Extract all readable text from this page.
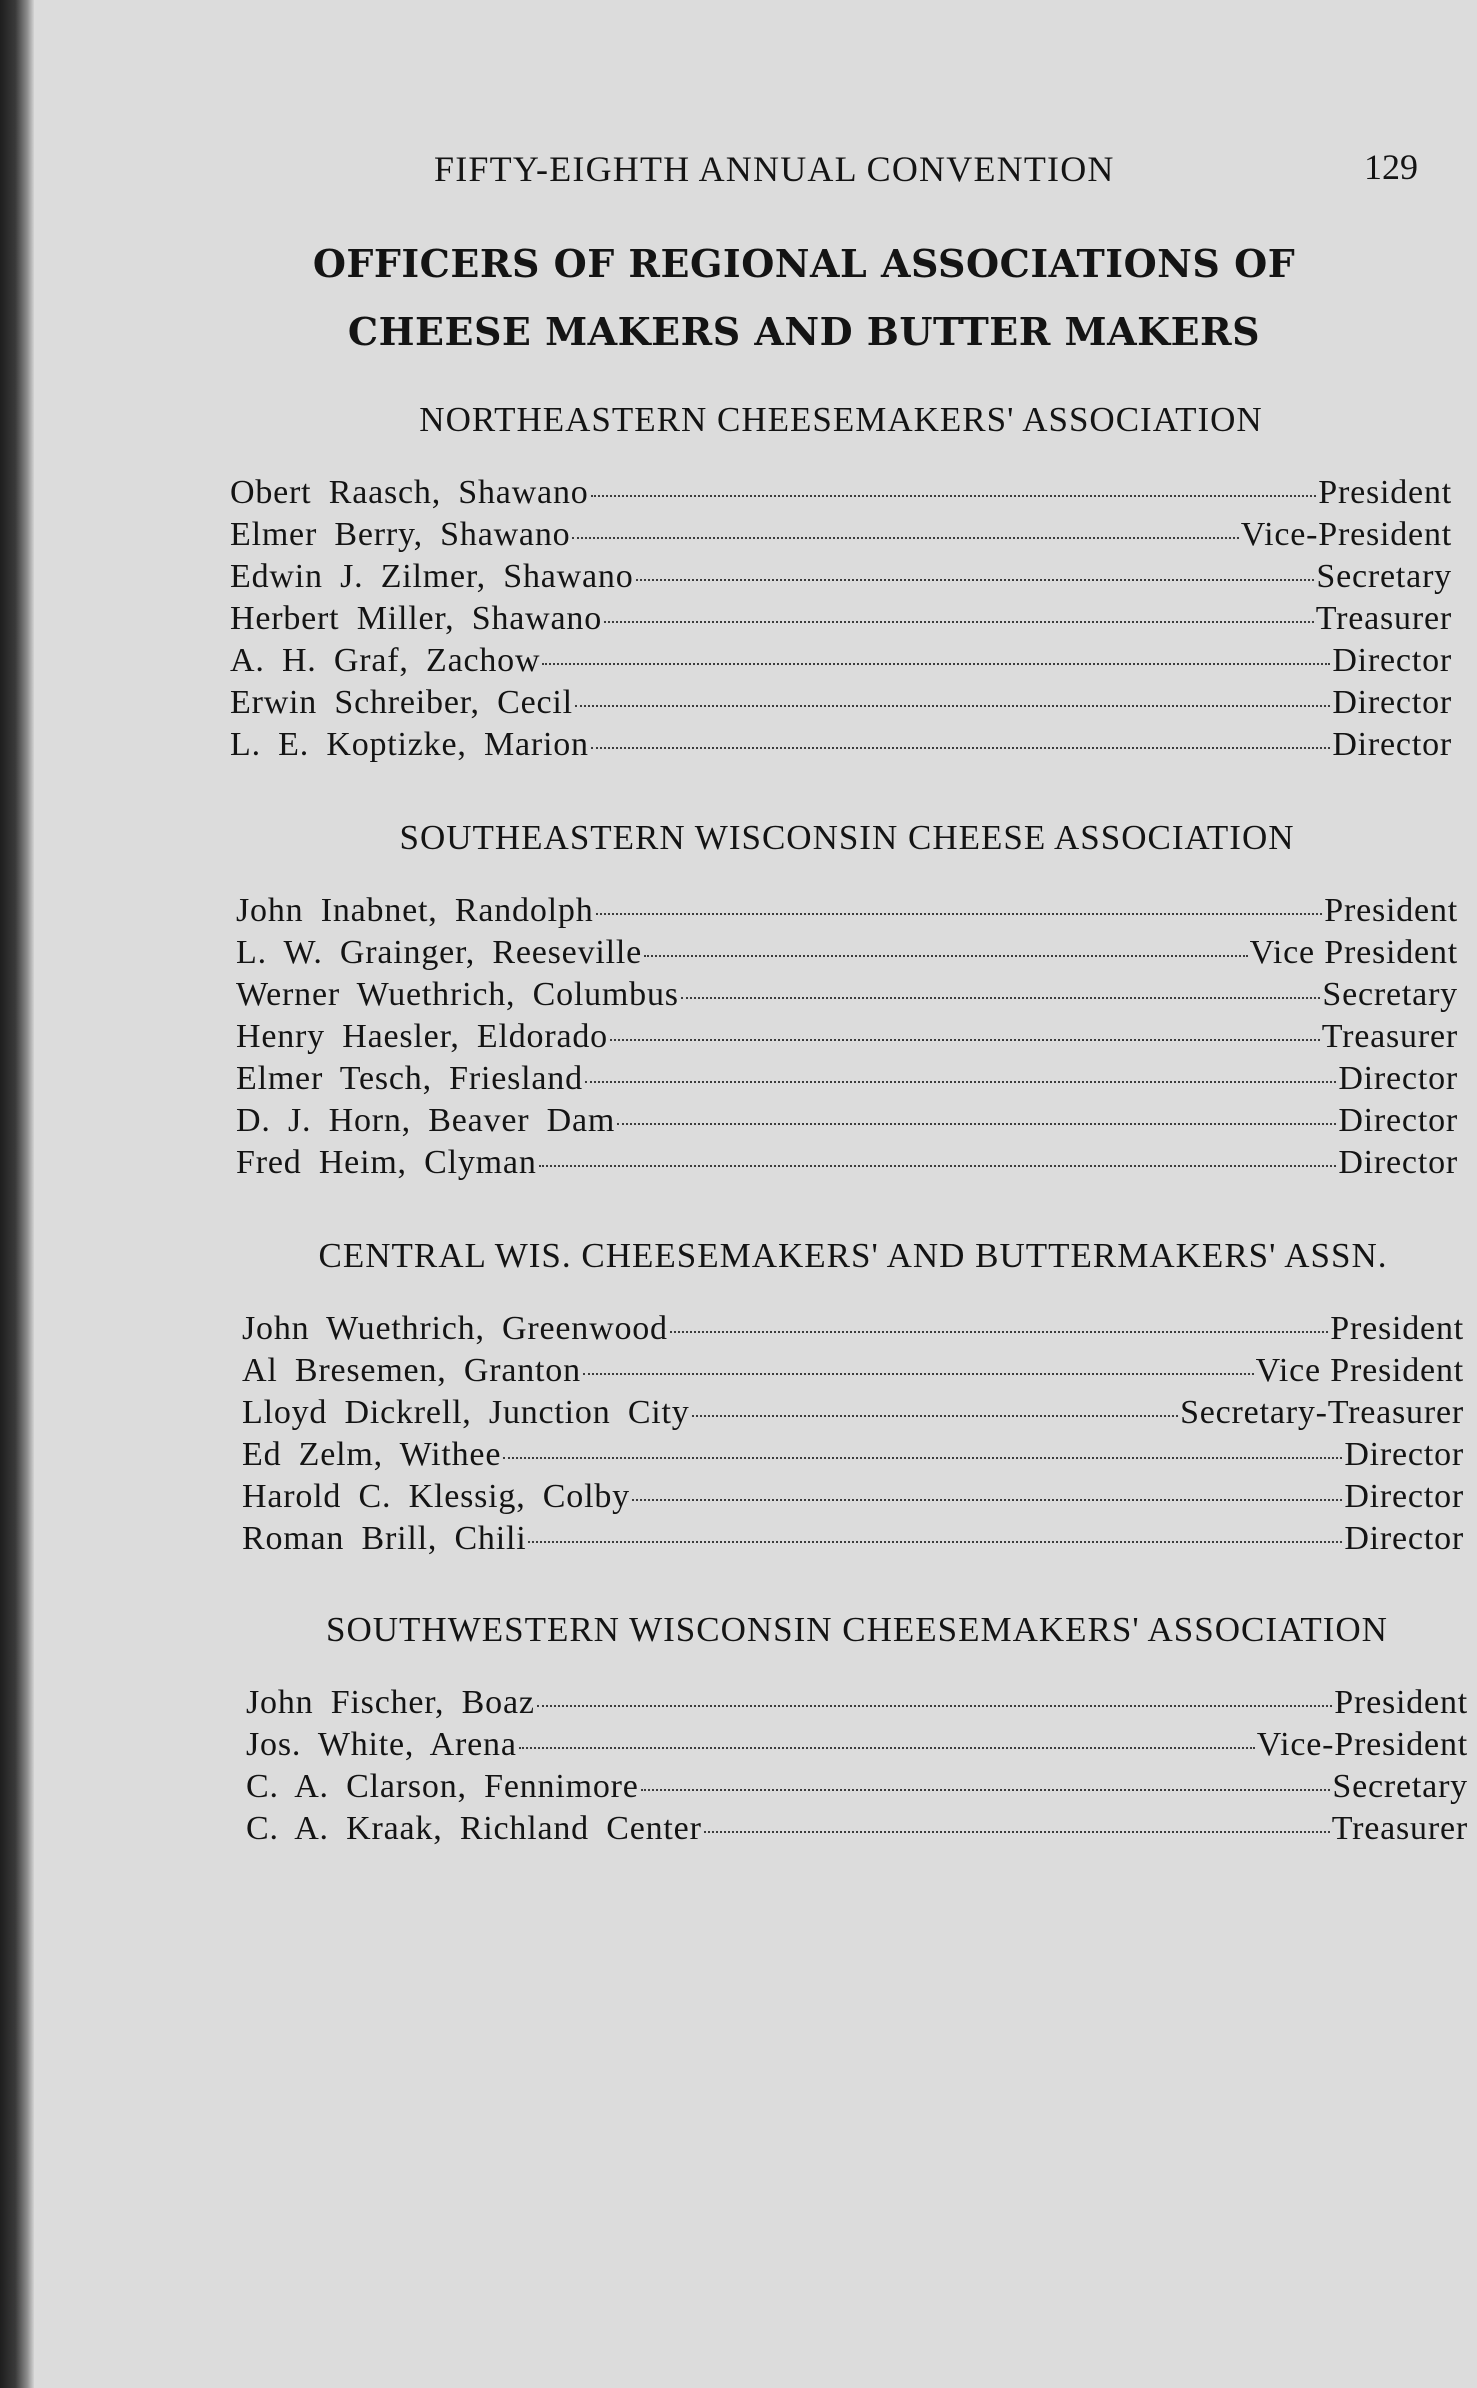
FIFTY-EIGHTH ANNUAL CONVENTION	129
OFFICERS OF REGIONAL ASSOCIATIONS OF
CHEESE MAKERS AND BUTTER MAKERS
NORTHEASTERN CHEESEMAKERS' ASSOCIATION
Obert Raasch, Shawano	President
Elmer Berry, Shawano	Vice-President
Edwin J. Zilmer, Shawano	Secretary
Herbert Miller, Shawano	Treasurer
A. H. Graf, Zachow	Director
Erwin Schreiber, Cecil	Director
L. E. Koptizke, Marion	Director
SOUTHEASTERN WISCONSIN CHEESE ASSOCIATION
John Inabnet, Randolph	President
L. W. Grainger, Reeseville	Vice President
Werner Wuethrich, Columbus	Secretary
Henry Haesler, Eldorado	Treasurer
Elmer Tesch, Friesland	Director
D. J. Horn, Beaver Dam	Director
Fred Heim, Clyman	Director
CENTRAL WIS. CHEESEMAKERS' AND BUTTERMAKERS' ASSN.
John Wuethrich, Greenwood	President
Al Bresemen, Granton	Vice President
Lloyd Dickrell, Junction City	Secretary-Treasurer
Ed Zelm, Withee	Director
Harold C. Klessig, Colby	Director
Roman Brill, Chili	Director
SOUTHWESTERN WISCONSIN CHEESEMAKERS' ASSOCIATION
John Fischer, Boaz	President
Jos. White, Arena	Vice-President
C. A. Clarson, Fennimore	Secretary
C. A. Kraak, Richland Center	Treasurer
